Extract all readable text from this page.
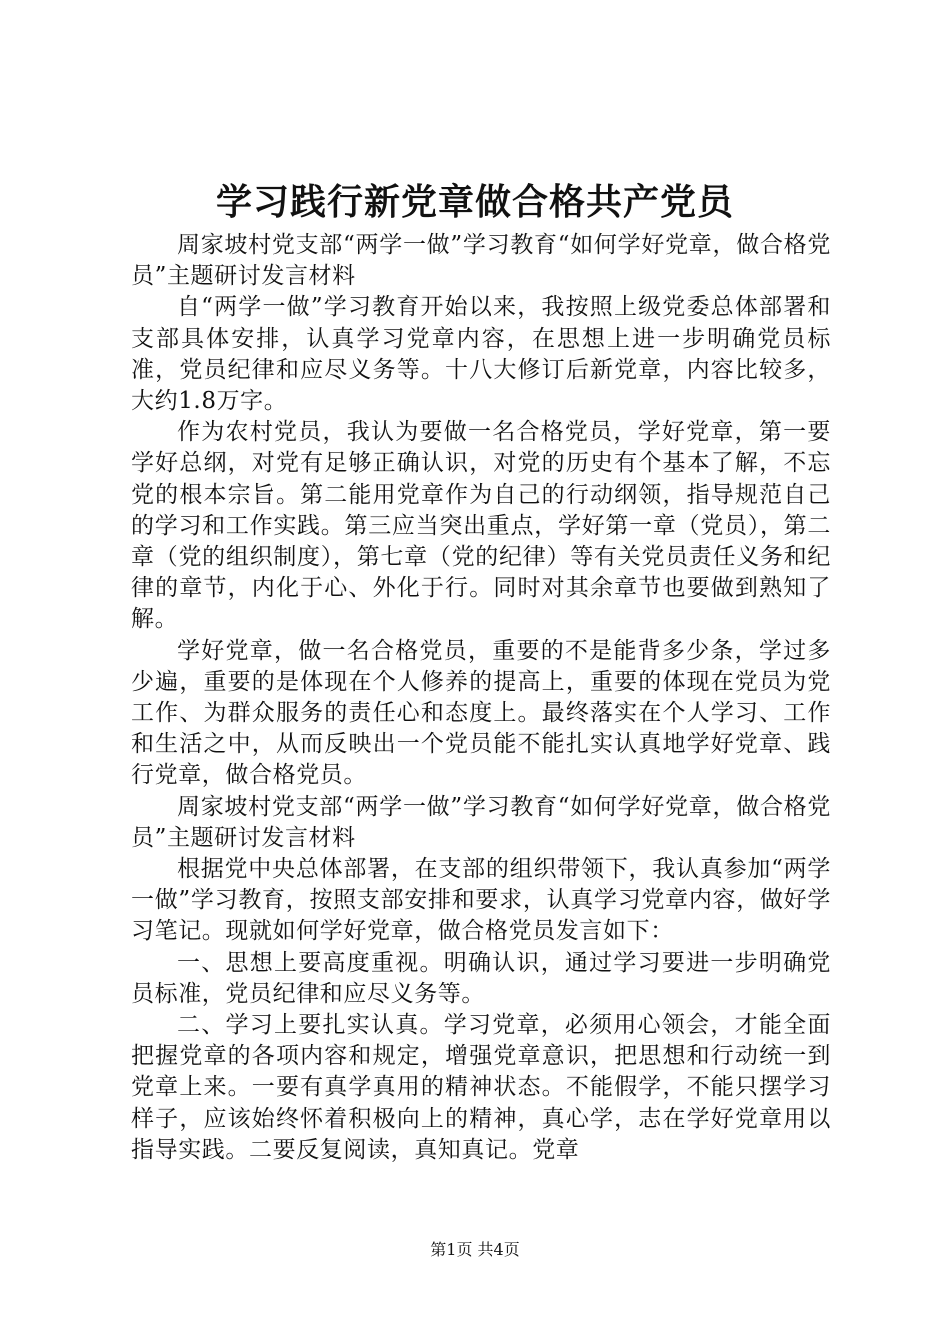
学习践行新党章做合格共产党员

周家坡村党支部“两学一做”学习教育“如何学好党章，做合格党员”主题研讨发言材料

自“两学一做”学习教育开始以来，我按照上级党委总体部署和支部具体安排，认真学习党章内容，在思想上进一步明确党员标准，党员纪律和应尽义务等。十八大修订后新党章，内容比较多，大约1.8万字。

作为农村党员，我认为要做一名合格党员，学好党章，第一要学好总纲，对党有足够正确认识，对党的历史有个基本了解，不忘党的根本宗旨。第二能用党章作为自己的行动纲领，指导规范自己的学习和工作实践。第三应当突出重点，学好第一章（党员），第二章（党的组织制度），第七章（党的纪律）等有关党员责任义务和纪律的章节，内化于心、外化于行。同时对其余章节也要做到熟知了解。

学好党章，做一名合格党员，重要的不是能背多少条，学过多少遍，重要的是体现在个人修养的提高上，重要的体现在党员为党工作、为群众服务的责任心和态度上。最终落实在个人学习、工作和生活之中，从而反映出一个党员能不能扎实认真地学好党章、践行党章，做合格党员。

周家坡村党支部“两学一做”学习教育“如何学好党章，做合格党员”主题研讨发言材料

根据党中央总体部署，在支部的组织带领下，我认真参加“两学一做”学习教育，按照支部安排和要求，认真学习党章内容，做好学习笔记。现就如何学好党章，做合格党员发言如下：

一、思想上要高度重视。明确认识，通过学习要进一步明确党员标准，党员纪律和应尽义务等。

二、学习上要扎实认真。学习党章，必须用心领会，才能全面把握党章的各项内容和规定，增强党章意识，把思想和行动统一到党章上来。一要有真学真用的精神状态。不能假学，不能只摆学习样子，应该始终怀着积极向上的精神，真心学，志在学好党章用以指导实践。二要反复阅读，真知真记。党章

第1页 共4页
